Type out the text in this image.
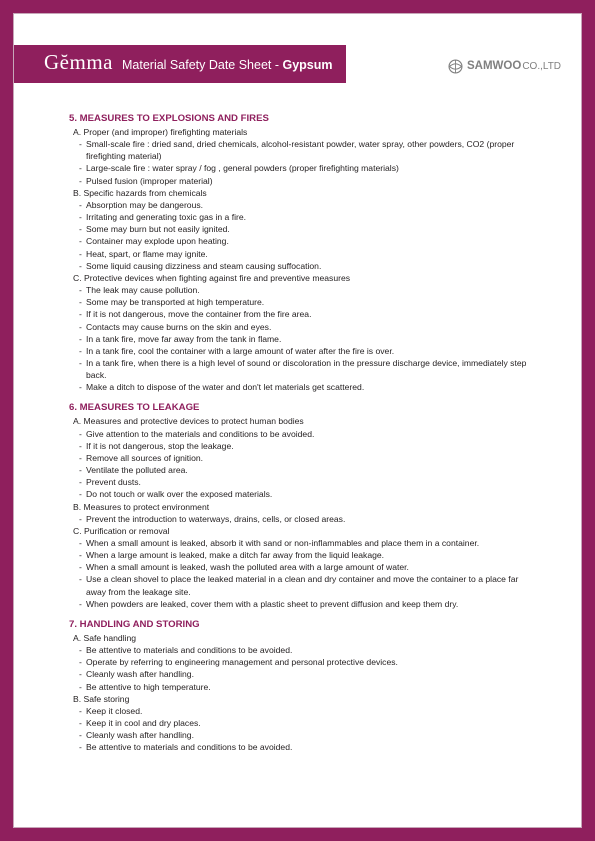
Gĕmma Material Safety Date Sheet - Gypsum	SAMWOO CO.,LTD
5. MEASURES TO EXPLOSIONS AND FIRES
A. Proper (and improper) firefighting materials
- Small-scale fire : dried sand, dried chemicals, alcohol-resistant powder, water spray, other powders, CO2 (proper firefighting material)
- Large-scale fire : water spray / fog , general powders (proper firefighting materials)
- Pulsed fusion (improper material)
B. Specific hazards from chemicals
- Absorption may be dangerous.
- Irritating and generating toxic gas in a fire.
- Some may burn but not easily ignited.
- Container may explode upon heating.
- Heat, spart, or flame may ignite.
- Some liquid causing dizziness and steam causing suffocation.
C. Protective devices when fighting against fire and preventive measures
- The leak may cause pollution.
- Some may be transported at high temperature.
- If it is not dangerous, move the container from the fire area.
- Contacts may cause burns on the skin and eyes.
- In a tank fire, move far away from the tank in flame.
- In a tank fire, cool the container with a large amount of water after the fire is over.
- In a tank fire, when there is a high level of sound or discoloration in the pressure discharge device, immediately step back.
- Make a ditch to dispose of the water and don't let materials get scattered.
6. MEASURES TO LEAKAGE
A. Measures and protective devices to protect human bodies
- Give attention to the materials and conditions to be avoided.
- If it is not dangerous, stop the leakage.
- Remove all sources of ignition.
- Ventilate the polluted area.
- Prevent dusts.
- Do not touch or walk over the exposed materials.
B. Measures to protect environment
- Prevent the introduction to waterways, drains, cells, or closed areas.
C. Purification or removal
- When a small amount is leaked, absorb it with sand or non-inflammables and place them in a container.
- When a large amount is leaked, make a ditch far away from the liquid leakage.
- When a small amount is leaked, wash the polluted area with a large amount of water.
- Use a clean shovel to place the leaked material in a clean and dry container and move the container to a place far away from the leakage site.
- When powders are leaked, cover them with a plastic sheet to prevent diffusion and keep them dry.
7. HANDLING AND STORING
A. Safe handling
- Be attentive to materials and conditions to be avoided.
- Operate by referring to engineering management and personal protective devices.
- Cleanly wash after handling.
- Be attentive to high temperature.
B. Safe storing
- Keep it closed.
- Keep it in cool and dry places.
- Cleanly wash after handling.
- Be attentive to materials and conditions to be avoided.
